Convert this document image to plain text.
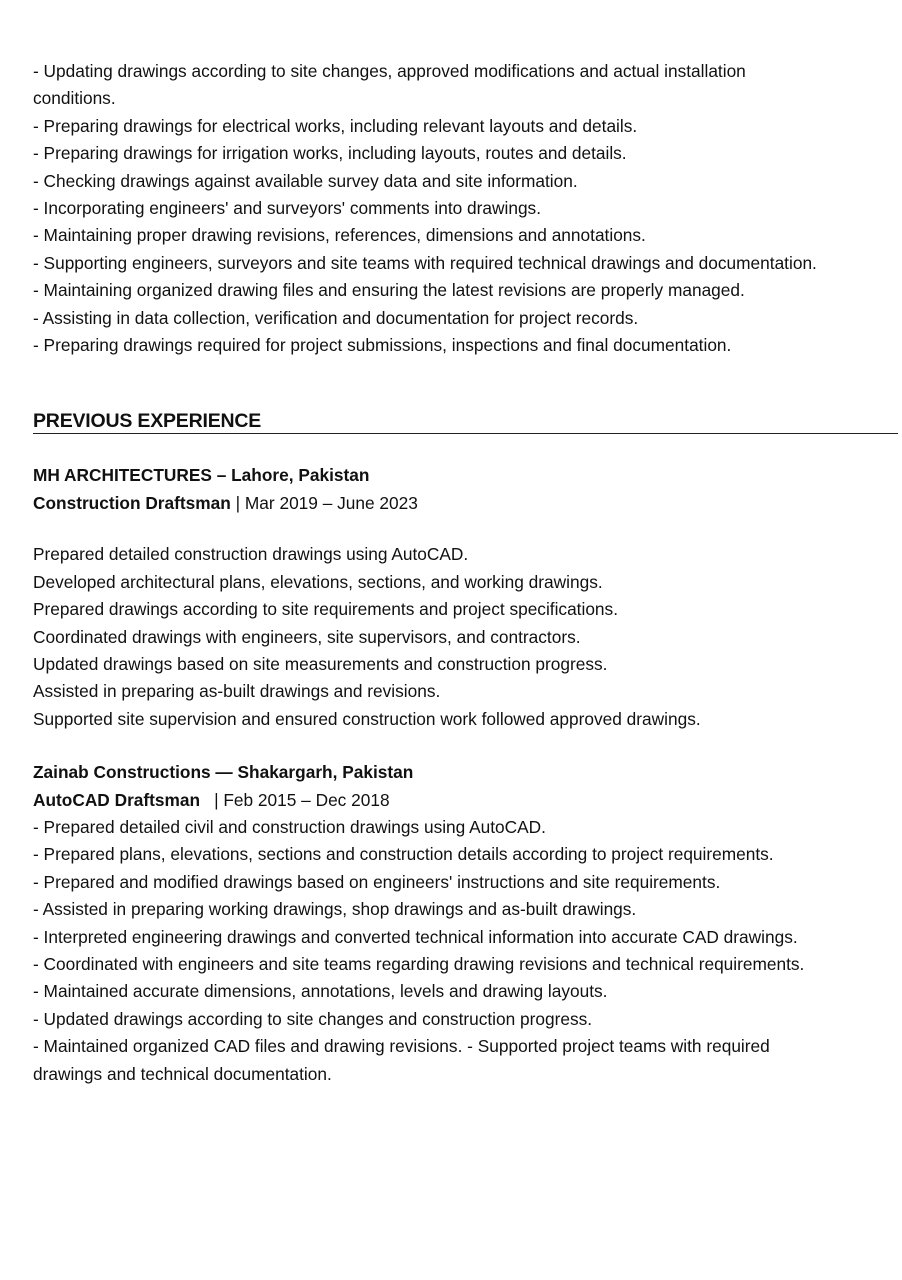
- Updating drawings according to site changes, approved modifications and actual installation
conditions.
- Preparing drawings for electrical works, including relevant layouts and details.
- Preparing drawings for irrigation works, including layouts, routes and details.
- Checking drawings against available survey data and site information.
- Incorporating engineers' and surveyors' comments into drawings.
- Maintaining proper drawing revisions, references, dimensions and annotations.
- Supporting engineers, surveyors and site teams with required technical drawings and documentation.
- Maintaining organized drawing files and ensuring the latest revisions are properly managed.
- Assisting in data collection, verification and documentation for project records.
- Preparing drawings required for project submissions, inspections and final documentation.
PREVIOUS EXPERIENCE
MH ARCHITECTURES – Lahore, Pakistan
Construction Draftsman | Mar 2019 – June 2023
Prepared detailed construction drawings using AutoCAD.
Developed architectural plans, elevations, sections, and working drawings.
Prepared drawings according to site requirements and project specifications.
Coordinated drawings with engineers, site supervisors, and contractors.
Updated drawings based on site measurements and construction progress.
Assisted in preparing as-built drawings and revisions.
Supported site supervision and ensured construction work followed approved drawings.
Zainab Constructions — Shakargarh, Pakistan
AutoCAD Draftsman | Feb 2015 – Dec 2018
- Prepared detailed civil and construction drawings using AutoCAD.
- Prepared plans, elevations, sections and construction details according to project requirements.
- Prepared and modified drawings based on engineers' instructions and site requirements.
- Assisted in preparing working drawings, shop drawings and as-built drawings.
- Interpreted engineering drawings and converted technical information into accurate CAD drawings.
- Coordinated with engineers and site teams regarding drawing revisions and technical requirements.
- Maintained accurate dimensions, annotations, levels and drawing layouts.
- Updated drawings according to site changes and construction progress.
- Maintained organized CAD files and drawing revisions. - Supported project teams with required
drawings and technical documentation.
